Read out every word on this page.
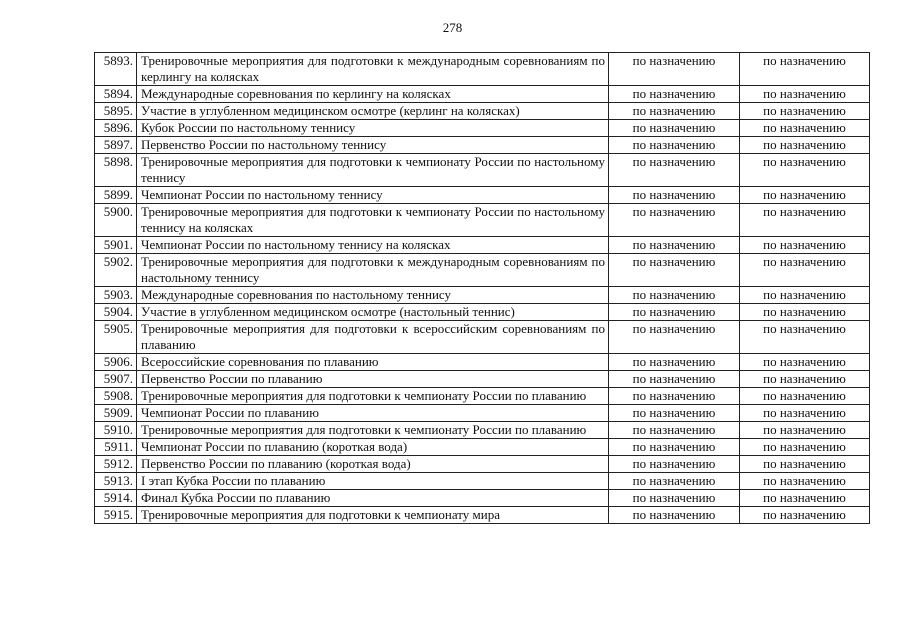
278
5893.	Тренировочные мероприятия для подготовки к международным соревнованиям по керлингу на колясках	по назначению	по назначению
5894.	Международные соревнования по керлингу на колясках	по назначению	по назначению
5895.	Участие в углубленном медицинском осмотре (керлинг на колясках)	по назначению	по назначению
5896.	Кубок России по настольному теннису	по назначению	по назначению
5897.	Первенство России по настольному теннису	по назначению	по назначению
5898.	Тренировочные мероприятия для подготовки к чемпионату России по настольному теннису	по назначению	по назначению
5899.	Чемпионат России по настольному теннису	по назначению	по назначению
5900.	Тренировочные мероприятия для подготовки к чемпионату России по настольному теннису на колясках	по назначению	по назначению
5901.	Чемпионат России по настольному теннису на колясках	по назначению	по назначению
5902.	Тренировочные мероприятия для подготовки к международным соревнованиям по настольному теннису	по назначению	по назначению
5903.	Международные соревнования по настольному теннису	по назначению	по назначению
5904.	Участие в углубленном медицинском осмотре (настольный теннис)	по назначению	по назначению
5905.	Тренировочные мероприятия для подготовки к всероссийским соревнованиям по плаванию	по назначению	по назначению
5906.	Всероссийские соревнования по плаванию	по назначению	по назначению
5907.	Первенство России по плаванию	по назначению	по назначению
5908.	Тренировочные мероприятия для подготовки к чемпионату России по плаванию	по назначению	по назначению
5909.	Чемпионат России по плаванию	по назначению	по назначению
5910.	Тренировочные мероприятия для подготовки к чемпионату России по плаванию	по назначению	по назначению
5911.	Чемпионат России по плаванию (короткая вода)	по назначению	по назначению
5912.	Первенство России по плаванию (короткая вода)	по назначению	по назначению
5913.	I этап Кубка России по плаванию	по назначению	по назначению
5914.	Финал Кубка России по плаванию	по назначению	по назначению
5915.	Тренировочные мероприятия для подготовки к чемпионату мира	по назначению	по назначению
